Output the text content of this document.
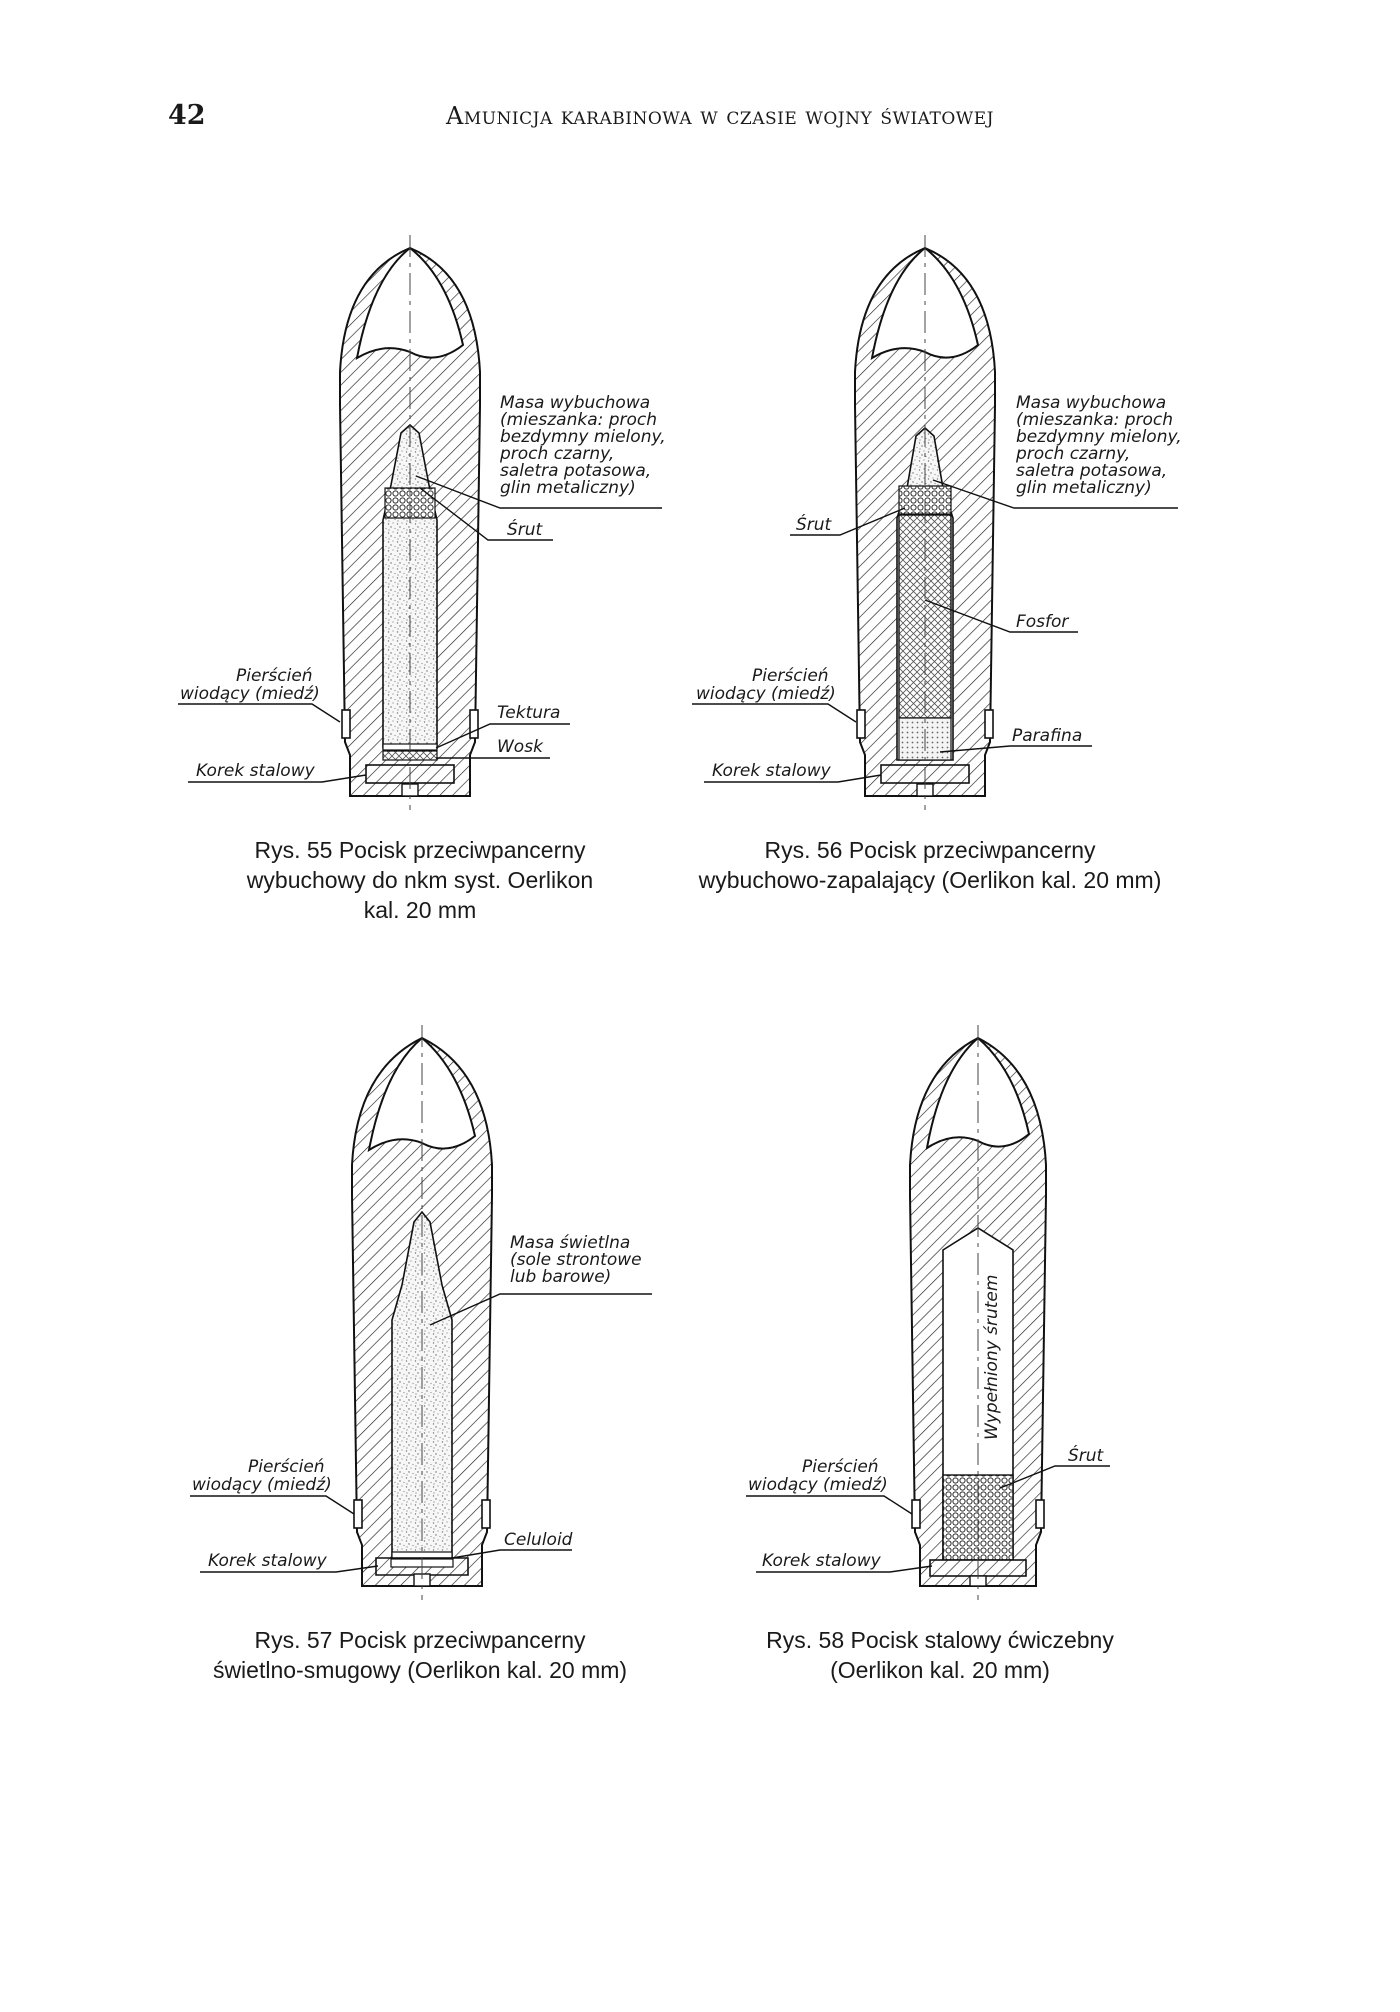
42	Amunicja karabinowa w czasie wojny światowej
Masa wybuchowa (mieszanka: proch bezdymny mielony, proch czarny, saletra potasowa, glin metaliczny)
Śrut
Pierścień wiodący (miedź)
Tektura
Wosk
Korek stalowy
Masa wybuchowa (mieszanka: proch bezdymny mielony, proch czarny, saletra potasowa, glin metaliczny)
Śrut
Fosfor
Pierścień wiodący (miedź)
Parafina
Korek stalowy
Masa świetlna (sole strontowe lub barowe)
Pierścień wiodący (miedź)
Celuloid
Korek stalowy
Wypełniony śrutem
Śrut
Pierścień wiodący (miedź)
Korek stalowy

Rys. 55 Pocisk przeciwpancerny
wybuchowy do nkm syst. Oerlikon
kal. 20 mm

Rys. 56 Pocisk przeciwpancerny
wybuchowo-zapalający (Oerlikon kal. 20 mm)

Rys. 57 Pocisk przeciwpancerny
świetlno-smugowy (Oerlikon kal. 20 mm)

Rys. 58 Pocisk stalowy ćwiczebny
(Oerlikon kal. 20 mm)
